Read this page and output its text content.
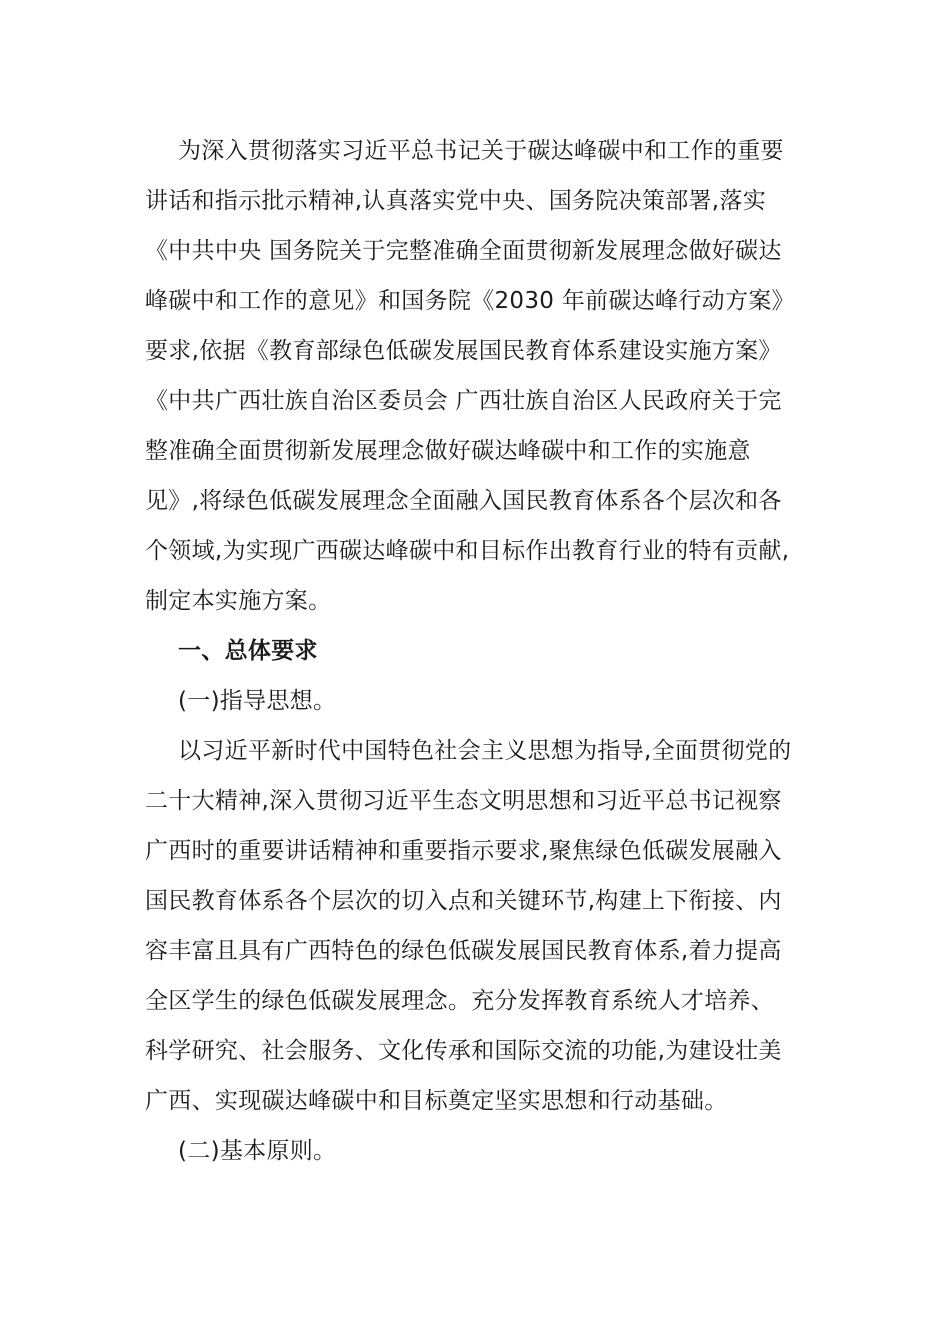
为深入贯彻落实习近平总书记关于碳达峰碳中和工作的重要
讲话和指示批示精神,认真落实党中央、国务院决策部署,落实
《中共中央 国务院关于完整准确全面贯彻新发展理念做好碳达
峰碳中和工作的意见》和国务院《2030 年前碳达峰行动方案》
要求,依据《教育部绿色低碳发展国民教育体系建设实施方案》
《中共广西壮族自治区委员会 广西壮族自治区人民政府关于完
整准确全面贯彻新发展理念做好碳达峰碳中和工作的实施意
见》,将绿色低碳发展理念全面融入国民教育体系各个层次和各
个领域,为实现广西碳达峰碳中和目标作出教育行业的特有贡献,
制定本实施方案。

一、总体要求

(一)指导思想。

以习近平新时代中国特色社会主义思想为指导,全面贯彻党的
二十大精神,深入贯彻习近平生态文明思想和习近平总书记视察
广西时的重要讲话精神和重要指示要求,聚焦绿色低碳发展融入
国民教育体系各个层次的切入点和关键环节,构建上下衔接、内
容丰富且具有广西特色的绿色低碳发展国民教育体系,着力提高
全区学生的绿色低碳发展理念。充分发挥教育系统人才培养、
科学研究、社会服务、文化传承和国际交流的功能,为建设壮美
广西、实现碳达峰碳中和目标奠定坚实思想和行动基础。

(二)基本原则。
